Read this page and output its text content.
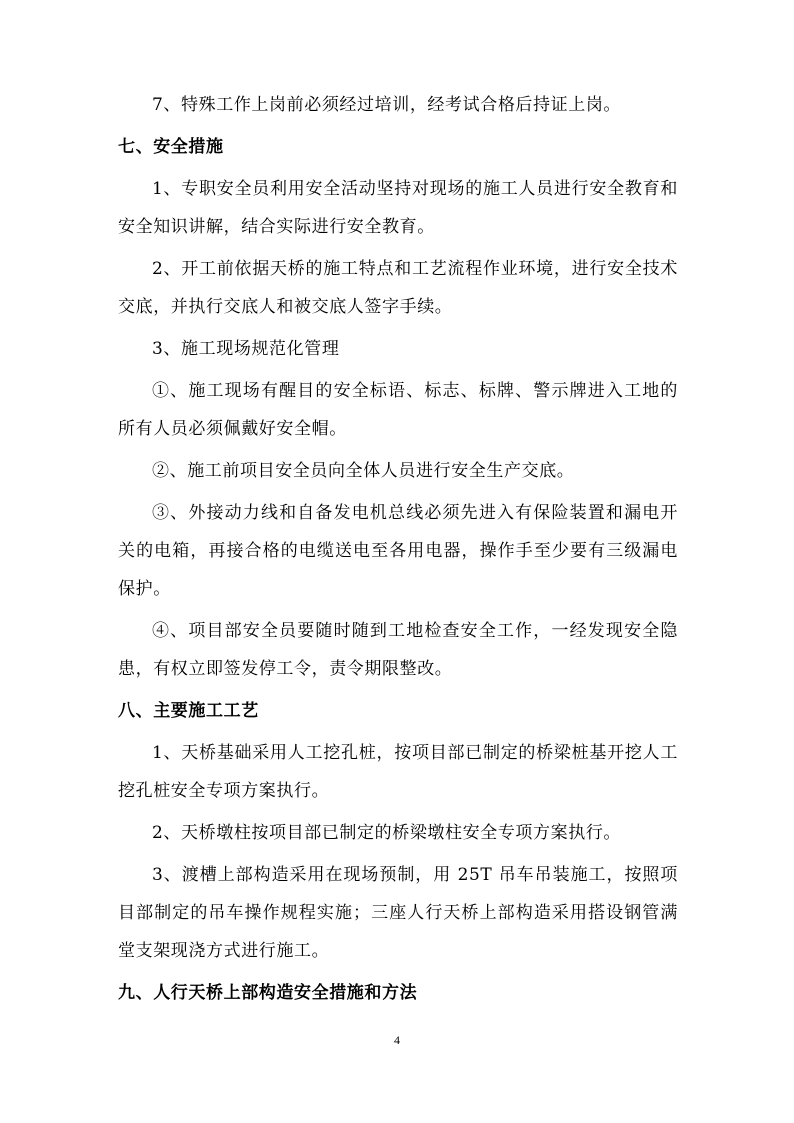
7、特殊工作上岗前必须经过培训，经考试合格后持证上岗。

七、安全措施

1、专职安全员利用安全活动坚持对现场的施工人员进行安全教育和安全知识讲解，结合实际进行安全教育。

2、开工前依据天桥的施工特点和工艺流程作业环境，进行安全技术交底，并执行交底人和被交底人签字手续。

3、施工现场规范化管理

①、施工现场有醒目的安全标语、标志、标牌、警示牌进入工地的所有人员必须佩戴好安全帽。

②、施工前项目安全员向全体人员进行安全生产交底。

③、外接动力线和自备发电机总线必须先进入有保险装置和漏电开关的电箱，再接合格的电缆送电至各用电器，操作手至少要有三级漏电保护。

④、项目部安全员要随时随到工地检查安全工作，一经发现安全隐患，有权立即签发停工令，责令期限整改。

八、主要施工工艺

1、天桥基础采用人工挖孔桩，按项目部已制定的桥梁桩基开挖人工挖孔桩安全专项方案执行。

2、天桥墩柱按项目部已制定的桥梁墩柱安全专项方案执行。

3、渡槽上部构造采用在现场预制，用 25T 吊车吊装施工，按照项目部制定的吊车操作规程实施；三座人行天桥上部构造采用搭设钢管满堂支架现浇方式进行施工。

九、人行天桥上部构造安全措施和方法

4
